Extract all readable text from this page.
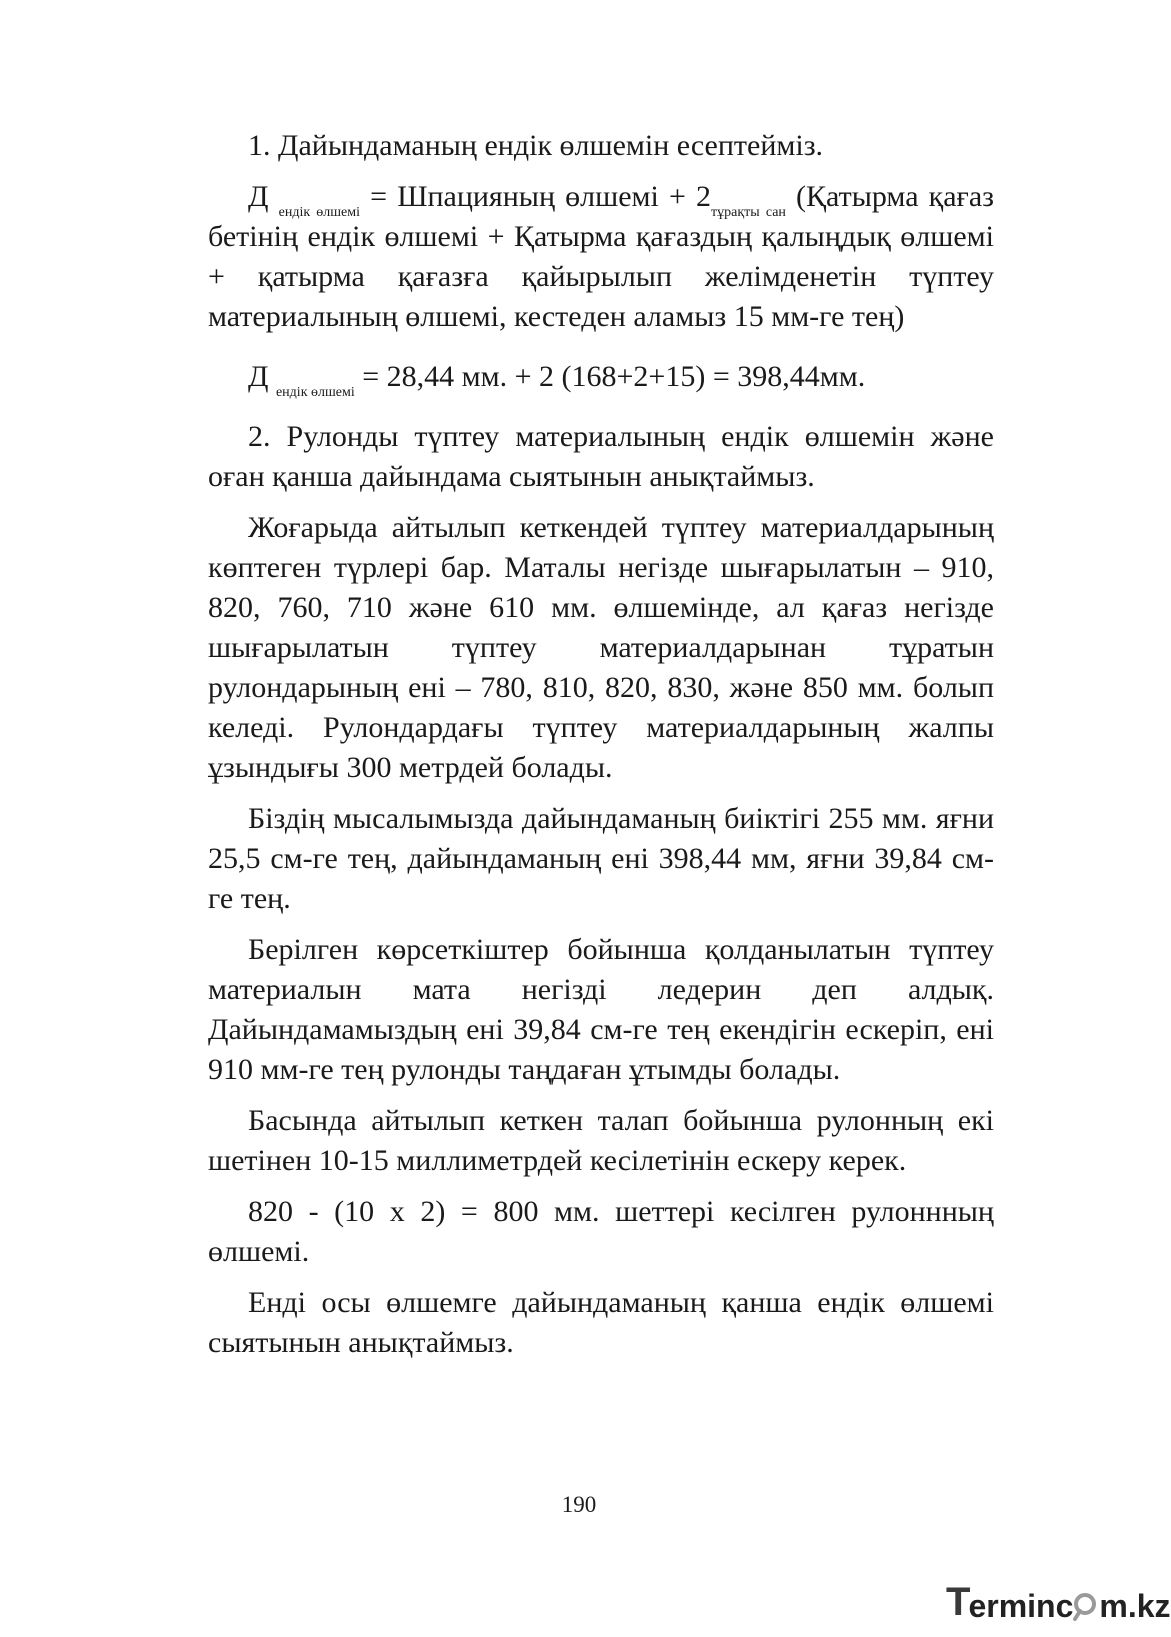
1. Дайындаманың ендік өлшемін есептейміз.

Д $_{ендік өлшемі}$ = Шпацияның өлшемі + $2_{тұрақты сан}$ (Қатырма қағаз бетінің ендік өлшемі + Қатырма қағаздың қалыңдық өлшемі + қатырма қағазға қайырылып желімденетін түптеу материалының өлшемі, кестеден аламыз 15 мм-ге тең)

Д $_{ендік өлшемі}$ = 28,44 мм. + 2 (168+2+15) = 398,44мм.

2. Рулонды түптеу материалының ендік өлшемін және оған қанша дайындама сыятынын анықтаймыз.

Жоғарыда айтылып кеткендей түптеу материалдарының көптеген түрлері бар. Маталы негізде шығарылатын – 910, 820, 760, 710 және 610 мм. өлшемінде, ал қағаз негізде шығарылатын түптеу материалдарынан тұратын рулондарының ені – 780, 810, 820, 830, және 850 мм. болып келеді. Рулондардағы түптеу материалдарының жалпы ұзындығы 300 метрдей болады.

Біздің мысалымызда дайындаманың биіктігі 255 мм. яғни 25,5 см-ге тең, дайындаманың ені 398,44 мм, яғни 39,84 см-ге тең.

Берілген көрсеткіштер бойынша қолданылатын түптеу материалын мата негізді ледерин деп алдық. Дайындамамыздың ені 39,84 см-ге тең екендігін ескеріп, ені 910 мм-ге тең рулонды таңдаған ұтымды болады.

Басында айтылып кеткен талап бойынша рулонның екі шетінен 10-15 миллиметрдей кесілетінін ескеру керек.

820 - (10 х 2) = 800 мм. шеттері кесілген рулоннның өлшемі.

Енді осы өлшемге дайындаманың қанша ендік өлшемі сыятынын анықтаймыз.

190
T
erminc m.kz
